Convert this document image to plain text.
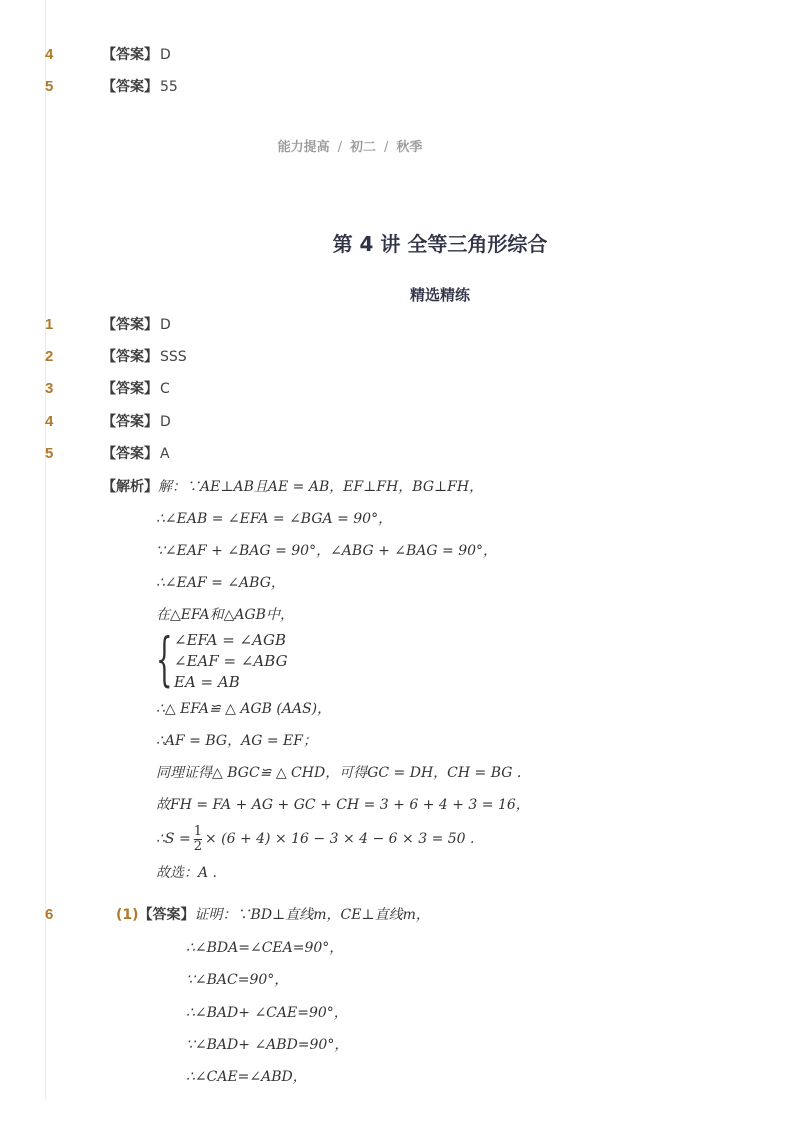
4	【答案】 D
5	【答案】 55
能力提高 / 初二 / 秋季
第 4 讲 全等三角形综合
精选精练
1	【答案】 D
2	【答案】 SSS
3	【答案】 C
4	【答案】 D
5	【答案】 A
【解析】解：∵AE⊥AB且AE = AB，EF⊥FH，BG⊥FH，
∴∠EAB = ∠EFA = ∠BGA = 90°，
∵∠EAF + ∠BAG = 90°，∠ABG + ∠BAG = 90°，
∴∠EAF = ∠ABG，
在△EFA和△AGB中，
{ ∠EFA = ∠AGB
∠EAF = ∠ABG
EA = AB
∴△ EFA≌ △ AGB (AAS)，
∴AF = BG，AG = EF；
同理证得△ BGC≌ △ CHD，可得GC = DH，CH = BG .
故FH = FA + AG + GC + CH = 3 + 6 + 4 + 3 = 16，
∴S = $\frac{1}{2} \times (6 + 4) \times 16 - 3 \times 4 - 6 \times 3 = 50$ .
故选：A .
6	(1)【答案】证明：∵BD⊥直线m，CE⊥直线m，
∴∠BDA=∠CEA=90°，
∵∠BAC=90°，
∴∠BAD+ ∠CAE=90°，
∵∠BAD+ ∠ABD=90°，
∴∠CAE=∠ABD，
